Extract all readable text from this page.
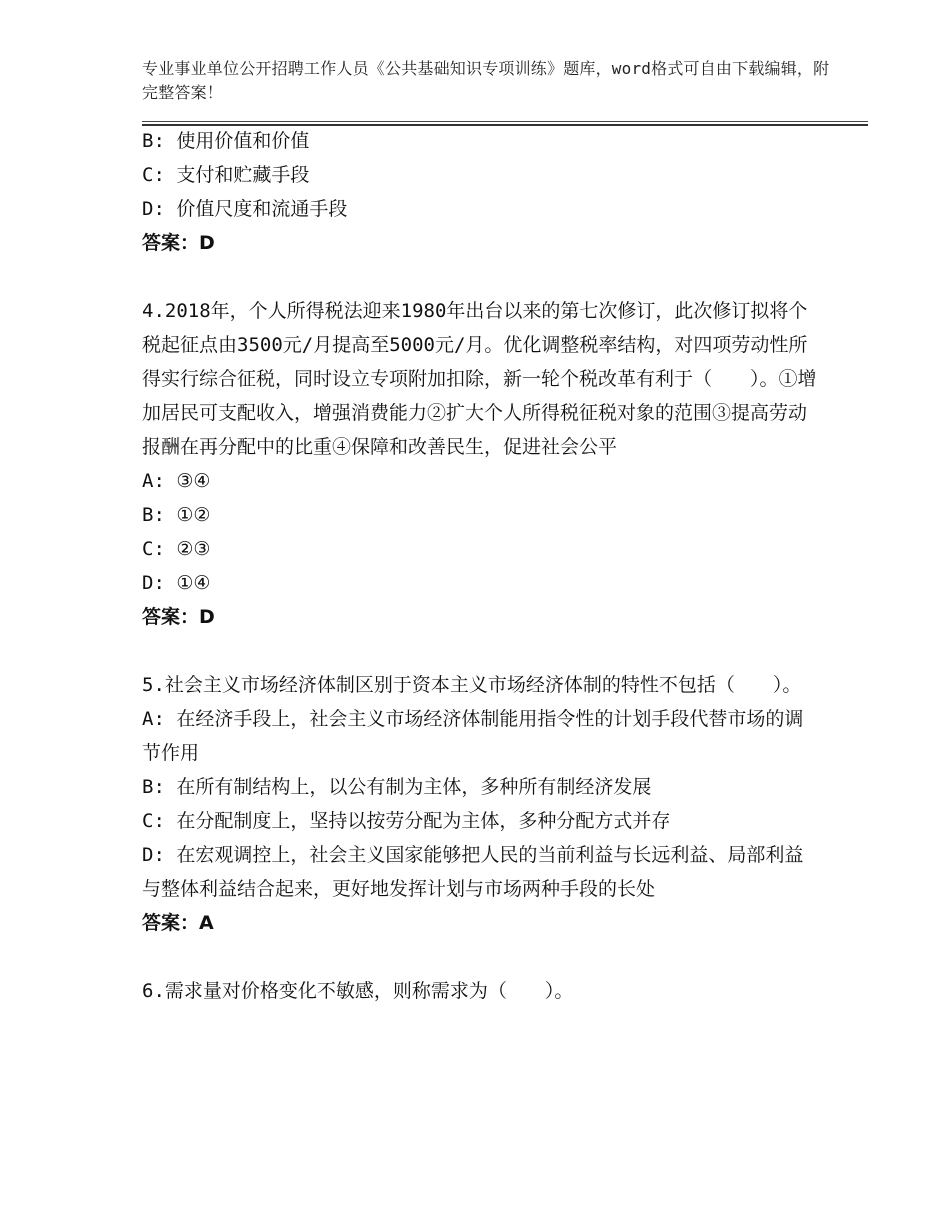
专业事业单位公开招聘工作人员《公共基础知识专项训练》题库，word格式可自由下载编辑，附完整答案！
B: 使用价值和价值
C: 支付和贮藏手段
D: 价值尺度和流通手段
答案：D
4.2018年，个人所得税法迎来1980年出台以来的第七次修订，此次修订拟将个税起征点由3500元/月提高至5000元/月。优化调整税率结构，对四项劳动性所得实行综合征税，同时设立专项附加扣除，新一轮个税改革有利于（　　）。①增加居民可支配收入，增强消费能力②扩大个人所得税征税对象的范围③提高劳动报酬在再分配中的比重④保障和改善民生，促进社会公平
A: ③④
B: ①②
C: ②③
D: ①④
答案：D
5.社会主义市场经济体制区别于资本主义市场经济体制的特性不包括（　　）。
A: 在经济手段上，社会主义市场经济体制能用指令性的计划手段代替市场的调节作用
B: 在所有制结构上，以公有制为主体，多种所有制经济发展
C: 在分配制度上，坚持以按劳分配为主体，多种分配方式并存
D: 在宏观调控上，社会主义国家能够把人民的当前利益与长远利益、局部利益与整体利益结合起来，更好地发挥计划与市场两种手段的长处
答案：A
6.需求量对价格变化不敏感，则称需求为（　　）。
